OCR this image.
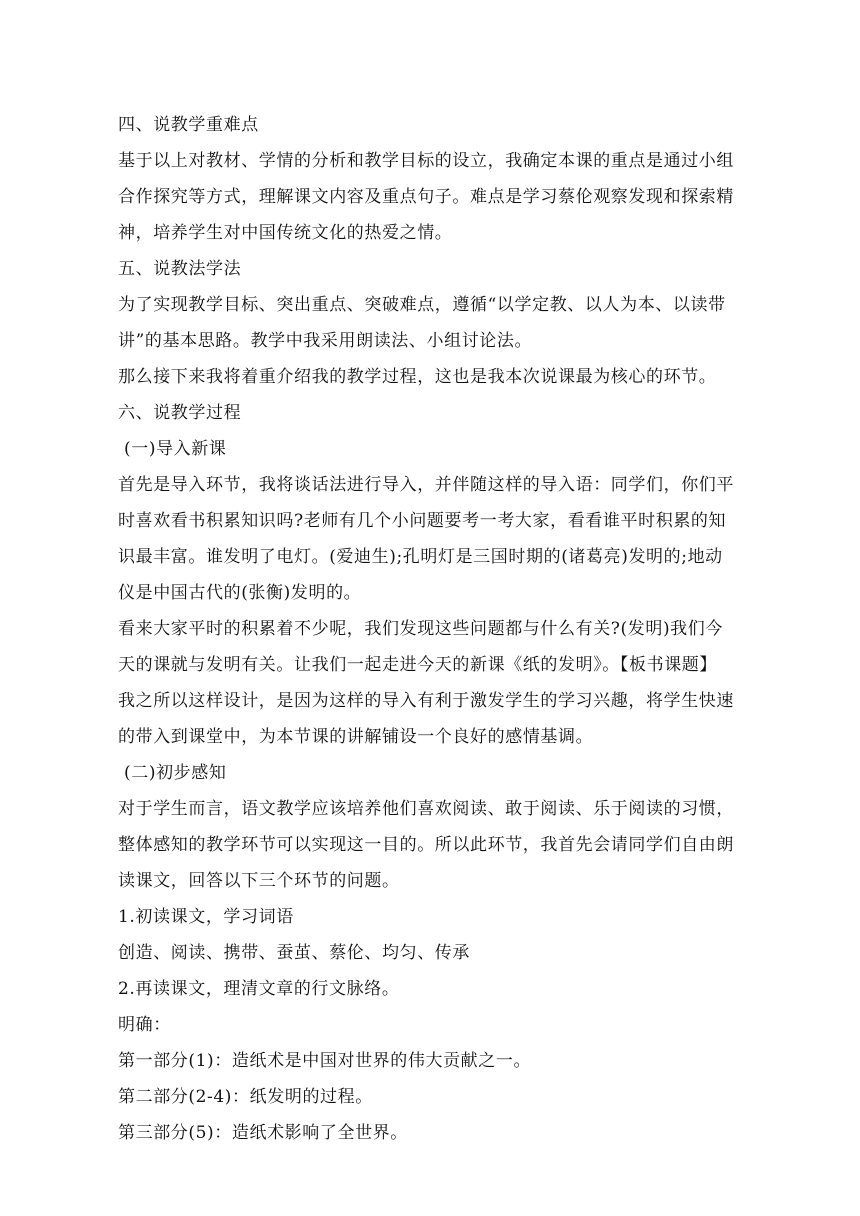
四、说教学重难点

基于以上对教材、学情的分析和教学目标的设立，我确定本课的重点是通过小组

合作探究等方式，理解课文内容及重点句子。难点是学习蔡伦观察发现和探索精

神，培养学生对中国传统文化的热爱之情。

五、说教法学法

为了实现教学目标、突出重点、突破难点，遵循“以学定教、以人为本、以读带

讲”的基本思路。教学中我采用朗读法、小组讨论法。

那么接下来我将着重介绍我的教学过程，这也是我本次说课最为核心的环节。

六、说教学过程

(一)导入新课

首先是导入环节，我将谈话法进行导入，并伴随这样的导入语：同学们，你们平

时喜欢看书积累知识吗?老师有几个小问题要考一考大家，看看谁平时积累的知

识最丰富。谁发明了电灯。(爱迪生);孔明灯是三国时期的(诸葛亮)发明的;地动

仪是中国古代的(张衡)发明的。

看来大家平时的积累着不少呢，我们发现这些问题都与什么有关?(发明)我们今

天的课就与发明有关。让我们一起走进今天的新课《纸的发明》。【板书课题】

我之所以这样设计，是因为这样的导入有利于激发学生的学习兴趣，将学生快速

的带入到课堂中，为本节课的讲解铺设一个良好的感情基调。

(二)初步感知

对于学生而言，语文教学应该培养他们喜欢阅读、敢于阅读、乐于阅读的习惯，

整体感知的教学环节可以实现这一目的。所以此环节，我首先会请同学们自由朗

读课文，回答以下三个环节的问题。

1.初读课文，学习词语

创造、阅读、携带、蚕茧、蔡伦、均匀、传承

2.再读课文，理清文章的行文脉络。

明确：

第一部分(1)：造纸术是中国对世界的伟大贡献之一。

第二部分(2-4)：纸发明的过程。

第三部分(5)：造纸术影响了全世界。
